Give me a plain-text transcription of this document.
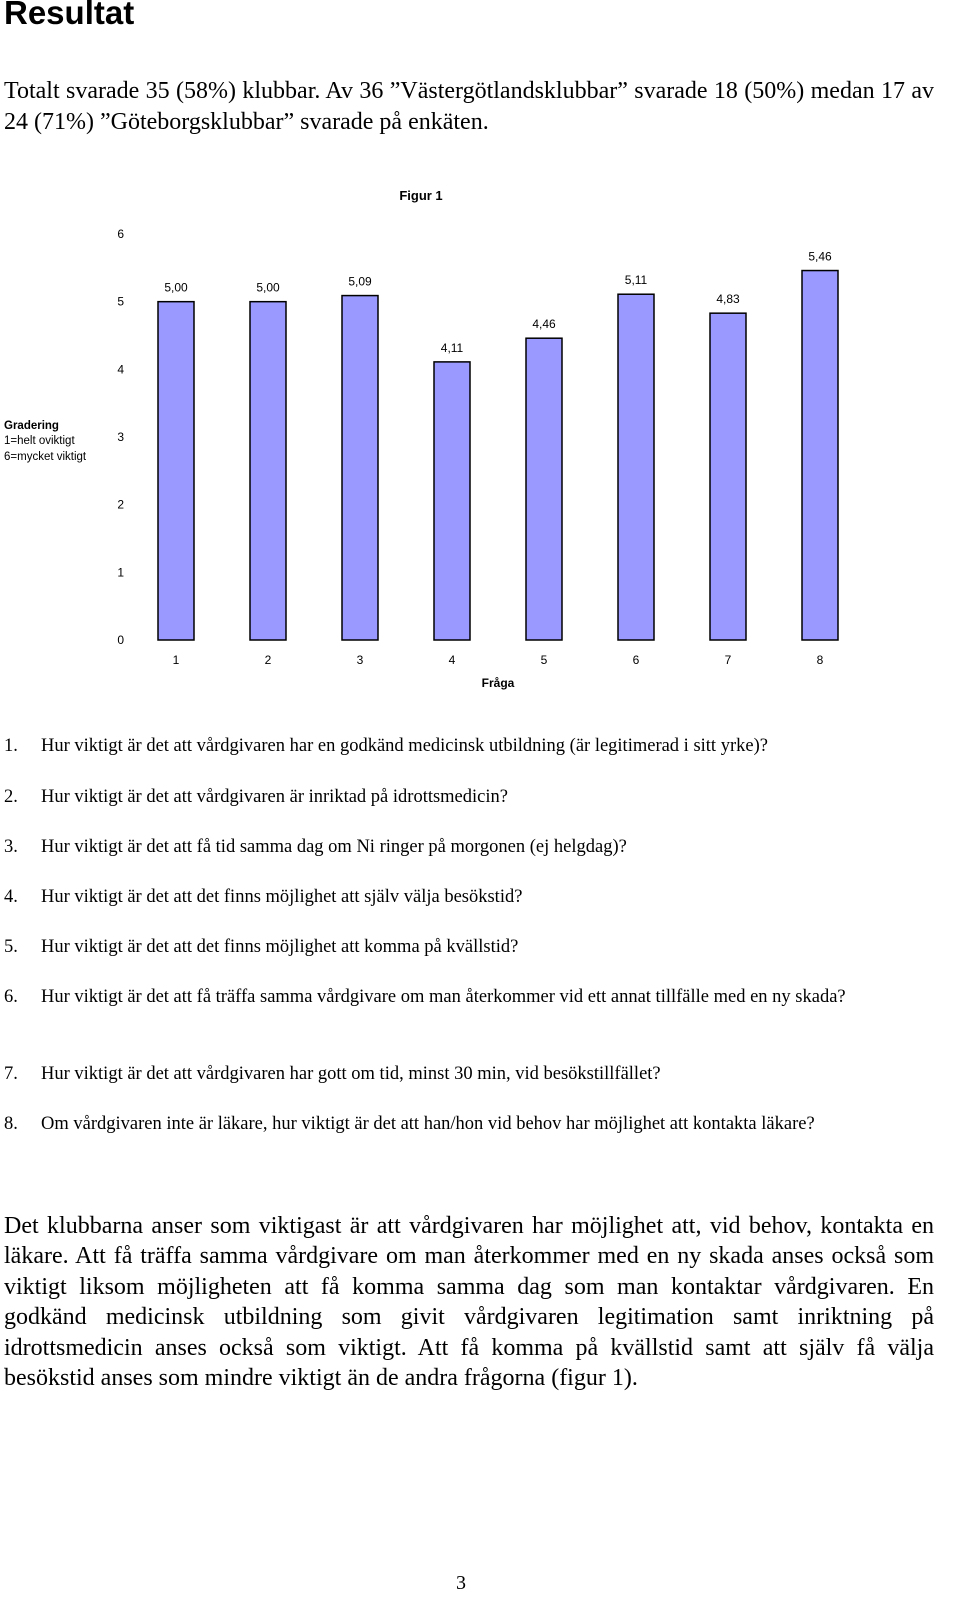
Resultat

Totalt svarade 35 (58%) klubbar. Av 36 ”Västergötlandsklubbar” svarade 18 (50%) medan 17 av 24 (71%) ”Göteborgsklubbar” svarade på enkäten.

Figur 1
Gradering
1=helt oviktigt
6=mycket viktigt
Fråga
0
1
2
3
4
5
6
5,00
1
5,00
2
5,09
3
4,11
4
4,46
5
5,11
6
4,83
7
5,46
8
1. Hur viktigt är det att vårdgivaren har en godkänd medicinsk utbildning (är legitimerad i sitt yrke)?
2. Hur viktigt är det att vårdgivaren är inriktad på idrottsmedicin?
3. Hur viktigt är det att få tid samma dag om Ni ringer på morgonen (ej helgdag)?
4. Hur viktigt är det att det finns möjlighet att själv välja besökstid?
5. Hur viktigt är det att det finns möjlighet att komma på kvällstid?
6. Hur viktigt är det att få träffa samma vårdgivare om man återkommer vid ett annat tillfälle med en ny skada?
7. Hur viktigt är det att vårdgivaren har gott om tid, minst 30 min, vid besökstillfället?
8. Om vårdgivaren inte är läkare, hur viktigt är det att han/hon vid behov har möjlighet att kontakta läkare?

Det klubbarna anser som viktigast är att vårdgivaren har möjlighet att, vid behov, kontakta en läkare. Att få träffa samma vårdgivare om man återkommer med en ny skada anses också som viktigt liksom möjligheten att få komma samma dag som man kontaktar vårdgivaren. En godkänd medicinsk utbildning som givit vårdgivaren legitimation samt inriktning på idrottsmedicin anses också som viktigt. Att få komma på kvällstid samt att själv få välja besökstid anses som mindre viktigt än de andra frågorna (figur 1).

3
